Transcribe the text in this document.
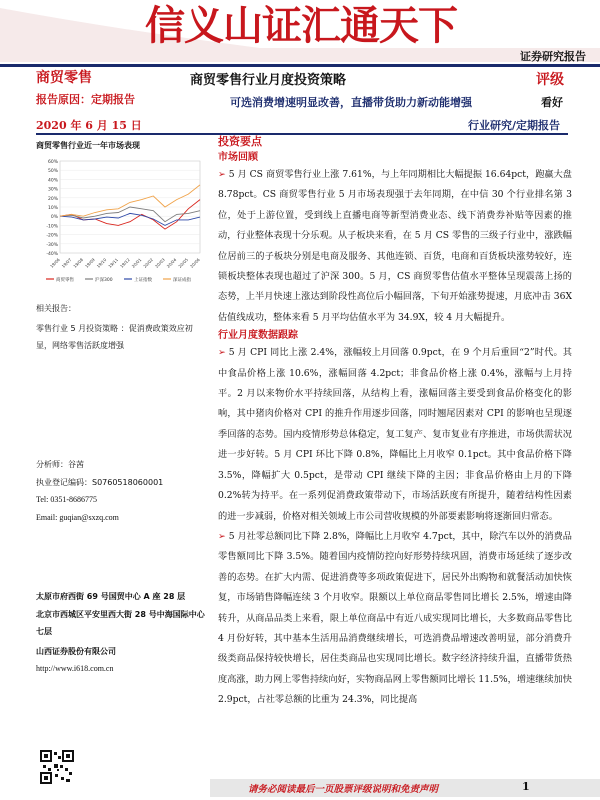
信义山证汇通天下
证券研究报告
商贸零售	商贸零售行业月度投资策略	评级
报告原因：定期报告	可选消费增速明显改善，直播带货助力新动能增强	看好
2020 年 6 月 15 日	行业研究/定期报告
商贸零售行业近一年市场表现
-40%
-30%
-20%
-10%
0%
10%
20%
30%
40%
50%
60%
19/06 19/07 19/08 19/09 19/10 19/11 19/12 20/01 20/02 20/03 20/04 20/05 20/06
商贸零售	沪深300	上证指数	深证成指
相关报告：
零售行业 5 月投资策略 ：促消费政策效应初显，网络零售活跃度增强
分析师：谷茜
执业登记编码：S0760518060001
Tel: 0351-8686775
Email: guqian@sxzq.com
太原市府西街 69 号国贸中心 A 座 28 层
北京市西城区平安里西大街 28 号中海国际中心七层
山西证券股份有限公司
http://www.i618.com.cn

投资要点

市场回顾

➢ 5 月 CS 商贸零售行业上涨 7.61%，与上年同期相比大幅提振 16.64pct，跑赢大盘 8.78pct。CS 商贸零售行业 5 月市场表现强于去年同期，在中信 30 个行业排名第 3 位，处于上游位置，受到线上直播电商等新型消费业态、线下消费券补贴等因素的推动，行业整体表现十分乐观。从子板块来看，在 5 月 CS 零售的三级子行业中，涨跌幅位居前三的子板块分别是电商及服务、其他连锁、百货，电商和百货板块涨势较好，连锁板块整体表现也超过了沪深 300。5 月，CS 商贸零售估值水平整体呈现震荡上扬的态势，上半月快速上涨达到阶段性高位后小幅回落，下旬开始涨势提速，月底冲击 36X 估值线成功，整体来看 5 月平均估值水平为 34.9X，较 4 月大幅提升。

行业月度数据跟踪

➢ 5 月 CPI 同比上涨 2.4%，涨幅较上月回落 0.9pct，在 9 个月后重回“2”时代。其中食品价格上涨 10.6%，涨幅回落 4.2pct；非食品价格上涨 0.4%，涨幅与上月持平。2 月以来物价水平持续回落，从结构上看，涨幅回落主要受到食品价格变化的影响，其中猪肉价格对 CPI 的推升作用逐步回落，同时翘尾因素对 CPI 的影响也呈现逐季回落的态势。国内疫情形势总体稳定，复工复产、复市复业有序推进，市场供需状况进一步好转。5 月 CPI 环比下降 0.8%，降幅比上月收窄 0.1pct。其中食品价格下降 3.5%，降幅扩大 0.5pct，是带动 CPI 继续下降的主因；非食品价格由上月的下降 0.2%转为持平。在一系列促消费政策带动下，市场活跃度有所提升，随着结构性因素的进一步减弱，价格对相关领域上市公司营收规模的外部要素影响将逐渐回归常态。

➢ 5 月社零总额同比下降 2.8%，降幅比上月收窄 4.7pct，其中，除汽车以外的消费品零售额同比下降 3.5%。随着国内疫情防控向好形势持续巩固，消费市场延续了逐步改善的态势。在扩大内需、促进消费等多项政策促进下，居民外出购物和就餐活动加快恢复，市场销售降幅连续 3 个月收窄。限额以上单位商品零售同比增长 2.5%，增速由降转升，从商品品类上来看，限上单位商品中有近八成实现同比增长，大多数商品零售比 4 月份好转，其中基本生活用品消费继续增长，可选消费品增速改善明显，部分消费升级类商品保持较快增长，居住类商品也实现同比增长。数字经济持续升温，直播带货热度高涨，助力网上零售持续向好，实物商品网上零售额同比增长 11.5%，增速继续加快 2.9pct，占社零总额的比重为 24.3%，同比提高

请务必阅读最后一页股票评级说明和免责声明	1
